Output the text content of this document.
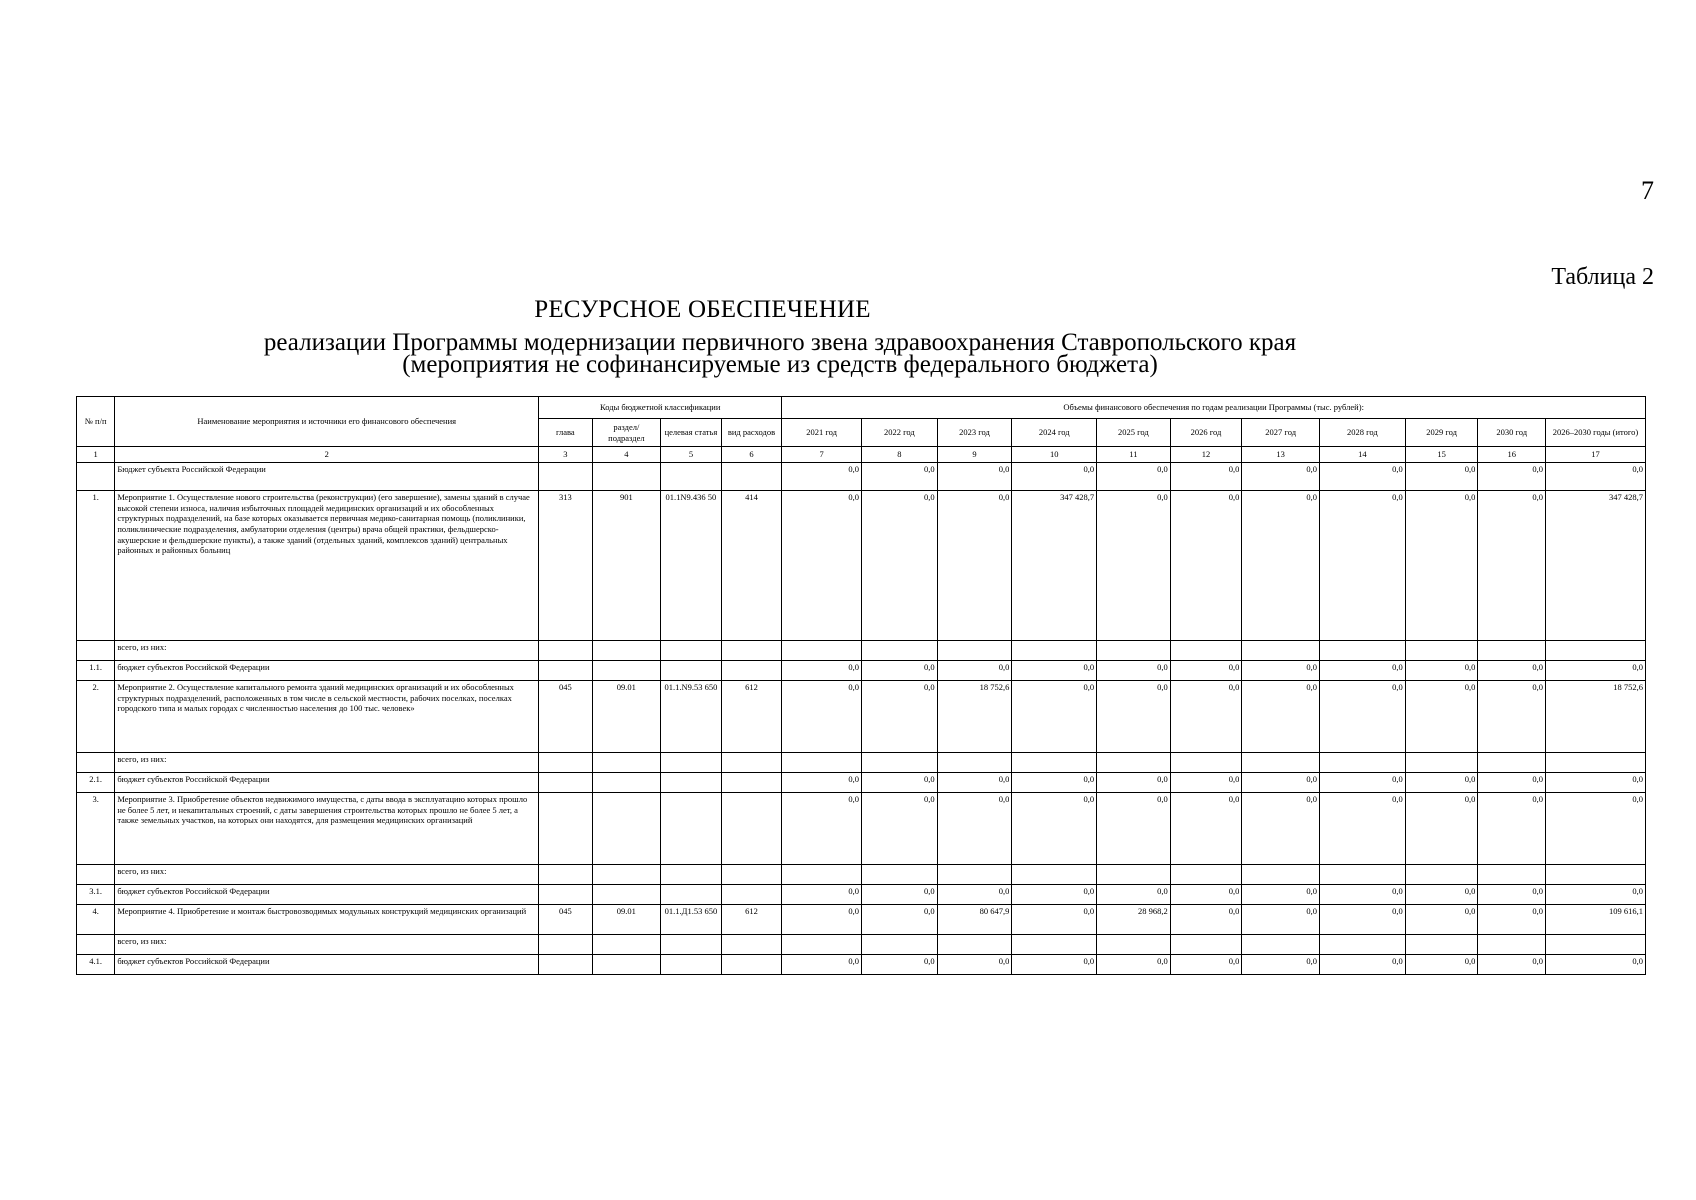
7
Таблица 2
РЕСУРСНОЕ ОБЕСПЕЧЕНИЕ
реализации Программы модернизации первичного звена здравоохранения Ставропольского края
(мероприятия не софинансируемые из средств федерального бюджета)
№ п/п	Наименование мероприятия и источники его финансового обеспечения	Коды бюджетной классификации				Объемы финансового обеспечения по годам реализации Программы (тыс. рублей):										
		глава	раздел/ подраздел	целевая статья	вид расходов	2021 год	2022 год	2023 год	2024 год	2025 год	2026 год	2027 год	2028 год	2029 год	2030 год	2026–2030 годы (итого)
1	2	3	4	5	6	7	8	9	10	11	12	13	14	15	16	17
	Бюджет субъекта Российской Федерации					0,0	0,0	0,0	0,0	0,0	0,0	0,0	0,0	0,0	0,0	0,0
1.	Мероприятие 1. Осуществление нового строительства (реконструкции) (его завершение), замены зданий в случае высокой степени износа, наличия избыточных площадей медицинских организаций и их обособленных структурных подразделений, на базе которых оказывается первичная медико-санитарная помощь (поликлиники, поликлинические подразделения, амбулатории отделения (центры) врача общей практики, фельдшерско-акушерские и фельдшерские пункты), а также зданий (отдельных зданий, комплексов зданий) центральных районных и районных больниц	313	901	01.1N9.436 50	414	0,0	0,0	0,0	347 428,7	0,0	0,0	0,0	0,0	0,0	0,0	347 428,7
	всего, из них:															
1.1.	бюджет субъектов Российской Федерации					0,0	0,0	0,0	0,0	0,0	0,0	0,0	0,0	0,0	0,0	0,0
2.	Мероприятие 2. Осуществление капитального ремонта зданий медицинских организаций и их обособленных структурных подразделений, расположенных в том числе в сельской местности, рабочих поселках, поселках городского типа и малых городах с численностью населения до 100 тыс. человек»	045	09.01	01.1.N9.53 650	612	0,0	0,0	18 752,6	0,0	0,0	0,0	0,0	0,0	0,0	0,0	18 752,6
	всего, из них:															
2.1.	бюджет субъектов Российской Федерации					0,0	0,0	0,0	0,0	0,0	0,0	0,0	0,0	0,0	0,0	0,0
3.	Мероприятие 3. Приобретение объектов недвижимого имущества, с даты ввода в эксплуатацию которых прошло не более 5 лет, и некапитальных строений, с даты завершения строительства которых прошло не более 5 лет, а также земельных участков, на которых они находятся, для размещения медицинских организаций					0,0	0,0	0,0	0,0	0,0	0,0	0,0	0,0	0,0	0,0	0,0
	всего, из них:															
3.1.	бюджет субъектов Российской Федерации					0,0	0,0	0,0	0,0	0,0	0,0	0,0	0,0	0,0	0,0	0,0
4.	Мероприятие 4. Приобретение и монтаж быстровозводимых модульных конструкций медицинских организаций	045	09.01	01.1.Д1.53 650	612	0,0	0,0	80 647,9	0,0	28 968,2	0,0	0,0	0,0	0,0	0,0	109 616,1
	всего, из них:															
4.1.	бюджет субъектов Российской Федерации					0,0	0,0	0,0	0,0	0,0	0,0	0,0	0,0	0,0	0,0	0,0
